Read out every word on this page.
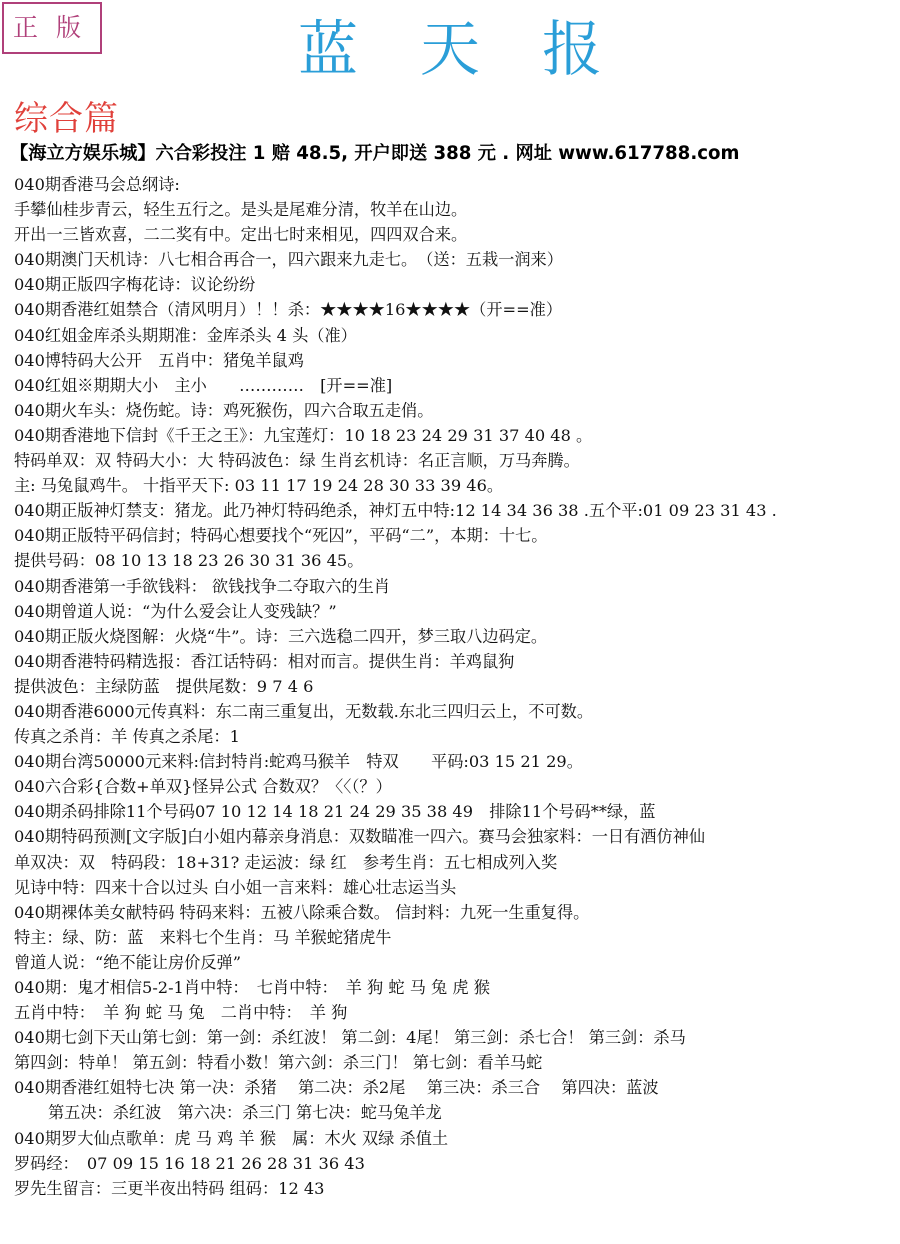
正版	蓝天报
综合篇
【海立方娱乐城】六合彩投注 1 赔 48.5, 开户即送 388 元 . 网址 www.617788.com
040期香港马会总纲诗:
手攀仙桂步青云，轻生五行之。是头是尾难分清，牧羊在山边。
开出一三皆欢喜，二二奖有中。定出七时来相见，四四双合来。
040期澳门天机诗：八七相合再合一，四六跟来九走七。　（送：五栽一润来）
040期正版四字梅花诗：议论纷纷
040期香港红姐禁合（清风明月）！！杀：★★★★16★★★★（开==准）
040红姐金库杀头期期准：金库杀头 4 头（准）
040博特码大公开　五肖中：猪兔羊鼠鸡
040红姐※期期大小　主小　　…………　[开==准]
040期火车头：烧伤蛇。诗：鸡死猴伤，四六合取五走俏。
040期香港地下信封《千王之王》：九宝莲灯：10 18 23 24 29 31 37 40 48 。
特码单双：双 特码大小：大 特码波色：绿 生肖玄机诗：名正言顺，万马奔腾。
主: 马兔鼠鸡牛。 十指平天下: 03 11 17 19 24 28 30 33 39 46。
040期正版神灯禁支：猪龙。此乃神灯特码绝杀，神灯五中特:12 14 34 36 38 .五个平:01 09 23 31 43 .
040期正版特平码信封；特码心想要找个“死囚”，平码“二”，本期：十七。
提供号码：08 10 13 18 23 26 30 31 36 45。
040期香港第一手欲钱料： 欲钱找争二夺取六的生肖
040期曾道人说：“为什么爱会让人变残缺？”
040期正版火烧图解：火烧“牛”。诗：三六选稳二四开，梦三取八边码定。
040期香港特码精选报：香江话特码：相对而言。提供生肖：羊鸡鼠狗
提供波色：主绿防蓝　提供尾数：9 7 4 6
040期香港6000元传真料：东二南三重复出，无数载.东北三四归云上，不可数。
传真之杀肖：羊 传真之杀尾：1
040期台湾50000元来料:信封特肖:蛇鸡马猴羊　特双　　平码:03 15 21 29。
040六合彩{合数+单双}怪异公式 合数双？〈〈（？）
040期杀码排除11个号码07 10 12 14 18 21 24 29 35 38 49　排除11个号码**绿，蓝
040期特码预测[文字版]白小姐内幕亲身消息：双数瞄准一四六。赛马会独家料：一日有酒仿神仙
单双决：双　特码段：18+31? 走运波：绿 红　参考生肖：五七相成列入奖
见诗中特：四来十合以过头 白小姐一言来料：雄心壮志运当头
040期裸体美女献特码 特码来料：五被八除乘合数。 信封料：九死一生重复得。
特主：绿、防：蓝　来料七个生肖：马 羊猴蛇猪虎牛
曾道人说：“绝不能让房价反弹”
040期：鬼才相信5-2-1肖中特：　七肖中特：　羊 狗 蛇 马 兔 虎 猴
五肖中特：　羊 狗 蛇 马 兔　二肖中特：　羊 狗
040期七剑下天山第七剑：第一剑：杀红波！ 第二剑：4尾！ 第三剑：杀七合！ 第三剑：杀马
第四剑：特单！ 第五剑：特看小数！第六剑：杀三门！ 第七剑：看羊马蛇
040期香港红姐特七决 第一决：杀猪　 第二决：杀2尾　 第三决：杀三合　 第四决：蓝波
第五决：杀红波　第六决：杀三门 第七决：蛇马兔羊龙
040期罗大仙点歌单：虎 马 鸡 羊 猴　属：木火 双绿 杀值土
罗码经：　07 09 15 16 18 21 26 28 31 36 43
罗先生留言：三更半夜出特码 组码：12 43
